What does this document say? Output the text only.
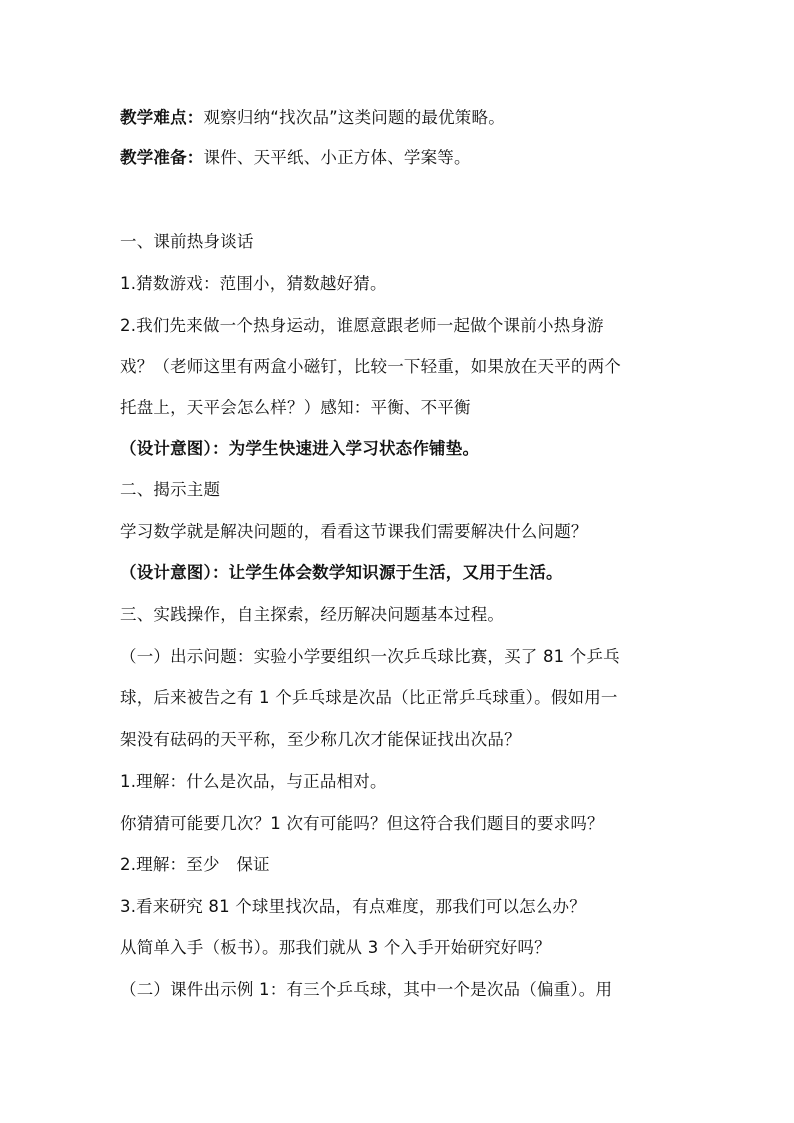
教学难点：观察归纳“找次品”这类问题的最优策略。
教学准备：课件、天平纸、小正方体、学案等。
一、课前热身谈话
1.猜数游戏：范围小，猜数越好猜。
2.我们先来做一个热身运动，谁愿意跟老师一起做个课前小热身游
戏？（老师这里有两盒小磁钉，比较一下轻重，如果放在天平的两个
托盘上，天平会怎么样？）感知：平衡、不平衡
（设计意图）：为学生快速进入学习状态作铺垫。
二、揭示主题
学习数学就是解决问题的，看看这节课我们需要解决什么问题？
（设计意图）：让学生体会数学知识源于生活，又用于生活。
三、实践操作，自主探索，经历解决问题基本过程。
（一）出示问题：实验小学要组织一次乒乓球比赛，买了 81 个乒乓
球，后来被告之有 1 个乒乓球是次品（比正常乒乓球重）。假如用一
架没有砝码的天平称，至少称几次才能保证找出次品？
1.理解：什么是次品，与正品相对。
你猜猜可能要几次？1 次有可能吗？但这符合我们题目的要求吗？
2.理解：至少　保证
3.看来研究 81 个球里找次品，有点难度，那我们可以怎么办？
从简单入手（板书）。那我们就从 3 个入手开始研究好吗？
（二）课件出示例 1：有三个乒乓球，其中一个是次品（偏重）。用
